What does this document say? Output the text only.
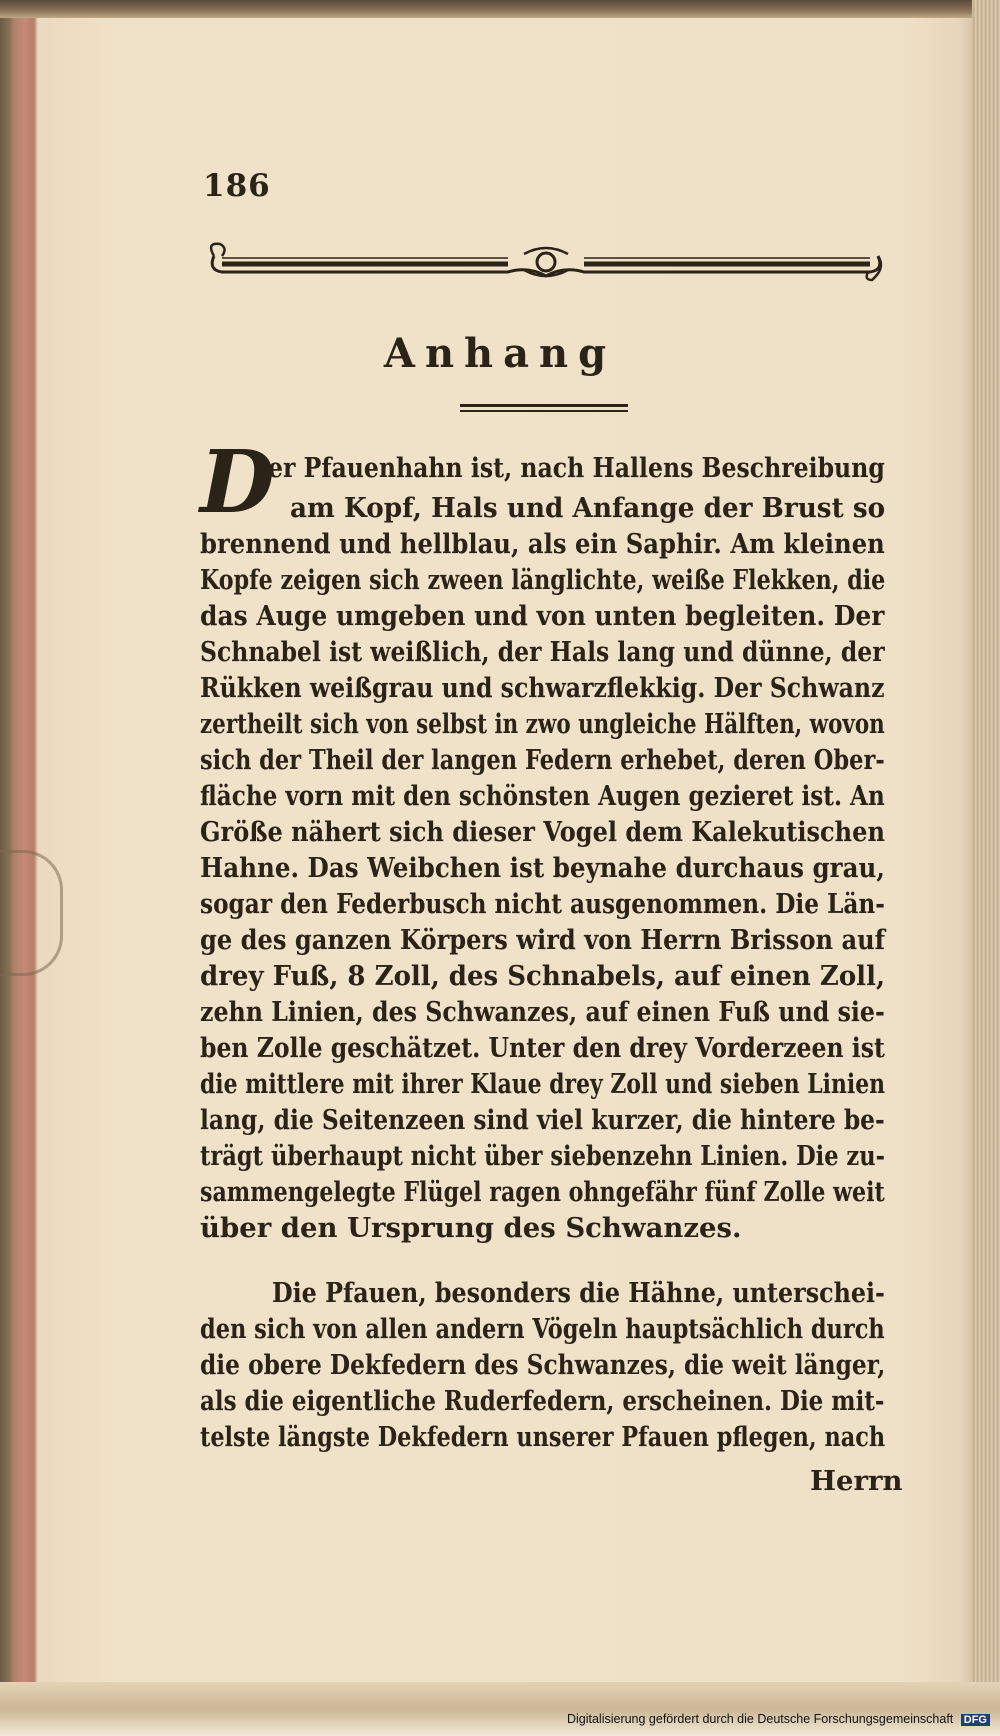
186
Anhang
D
er Pfauenhahn ist, nach Hallens Beschreibung
am Kopf, Hals und Anfange der Brust so
brennend und hellblau, als ein Saphir. Am kleinen
Kopfe zeigen sich zween länglichte, weiße Flekken, die
das Auge umgeben und von unten begleiten. Der
Schnabel ist weißlich, der Hals lang und dünne, der
Rükken weißgrau und schwarzflekkig. Der Schwanz
zertheilt sich von selbst in zwo ungleiche Hälften, wovon
sich der Theil der langen Federn erhebet, deren Ober-
fläche vorn mit den schönsten Augen gezieret ist. An
Größe nähert sich dieser Vogel dem Kalekutischen
Hahne. Das Weibchen ist beynahe durchaus grau,
sogar den Federbusch nicht ausgenommen. Die Län-
ge des ganzen Körpers wird von Herrn Brisson auf
drey Fuß, 8 Zoll, des Schnabels, auf einen Zoll,
zehn Linien, des Schwanzes, auf einen Fuß und sie-
ben Zolle geschätzet. Unter den drey Vorderzeen ist
die mittlere mit ihrer Klaue drey Zoll und sieben Linien
lang, die Seitenzeen sind viel kurzer, die hintere be-
trägt überhaupt nicht über siebenzehn Linien. Die zu-
sammengelegte Flügel ragen ohngefähr fünf Zolle weit
über den Ursprung des Schwanzes.
Die Pfauen, besonders die Hähne, unterschei-
den sich von allen andern Vögeln hauptsächlich durch
die obere Dekfedern des Schwanzes, die weit länger,
als die eigentliche Ruderfedern, erscheinen. Die mit-
telste längste Dekfedern unserer Pfauen pflegen, nach
Herrn
Digitalisierung gefördert durch die Deutsche Forschungsgemeinschaft DFG
